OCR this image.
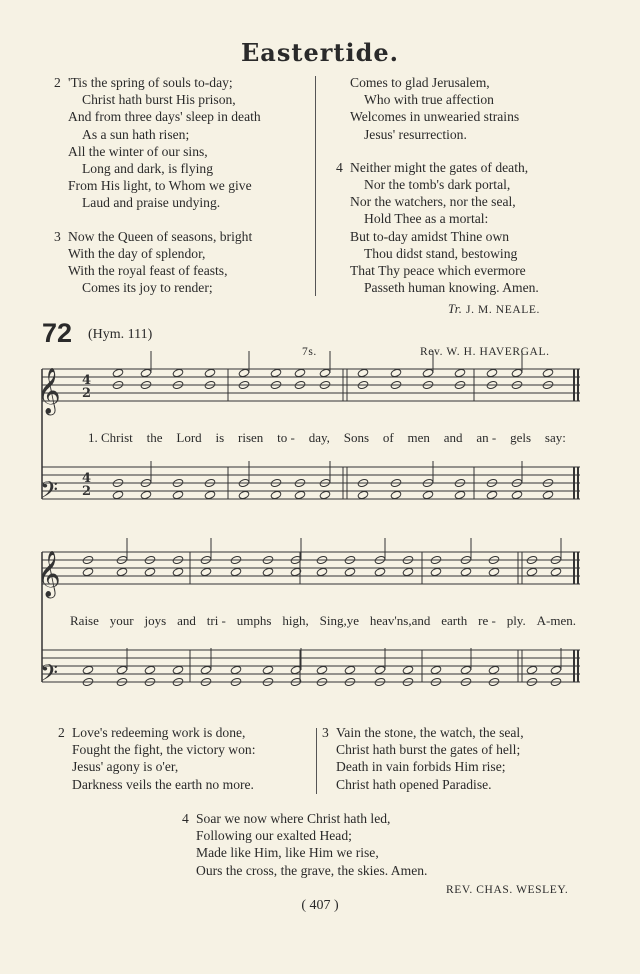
Eastertide.
2 'Tis the spring of souls to-day;
Christ hath burst His prison,
And from three days' sleep in death
As a sun hath risen;
All the winter of our sins,
Long and dark, is flying
From His light, to Whom we give
Laud and praise undying.
3 Now the Queen of seasons, bright
With the day of splendor,
With the royal feast of feasts,
Comes its joy to render;
Comes to glad Jerusalem,
Who with true affection
Welcomes in unwearied strains
Jesus' resurrection.
4 Neither might the gates of death,
Nor the tomb's dark portal,
Nor the watchers, nor the seal,
Hold Thee as a mortal:
But to-day amidst Thine own
Thou didst stand, bestowing
That Thy peace which evermore
Passeth human knowing. Amen.
Tr. J. M. NEALE.
72 (Hym. 111)
7s.	Rev. W. H. HAVERGAL.
𝄞
𝄞
𝄢
𝄢
4
2
4
2
1. Christ the Lord is risen to - day, Sons of men and an - gels say:
Raise your joys and tri - umphs high, Sing,ye heav'ns,and earth re - ply. A-men.
2 Love's redeeming work is done,
Fought the fight, the victory won:
Jesus' agony is o'er,
Darkness veils the earth no more.
3 Vain the stone, the watch, the seal,
Christ hath burst the gates of hell;
Death in vain forbids Him rise;
Christ hath opened Paradise.
4 Soar we now where Christ hath led,
Following our exalted Head;
Made like Him, like Him we rise,
Ours the cross, the grave, the skies. Amen.
REV. CHAS. WESLEY.
( 407 )
